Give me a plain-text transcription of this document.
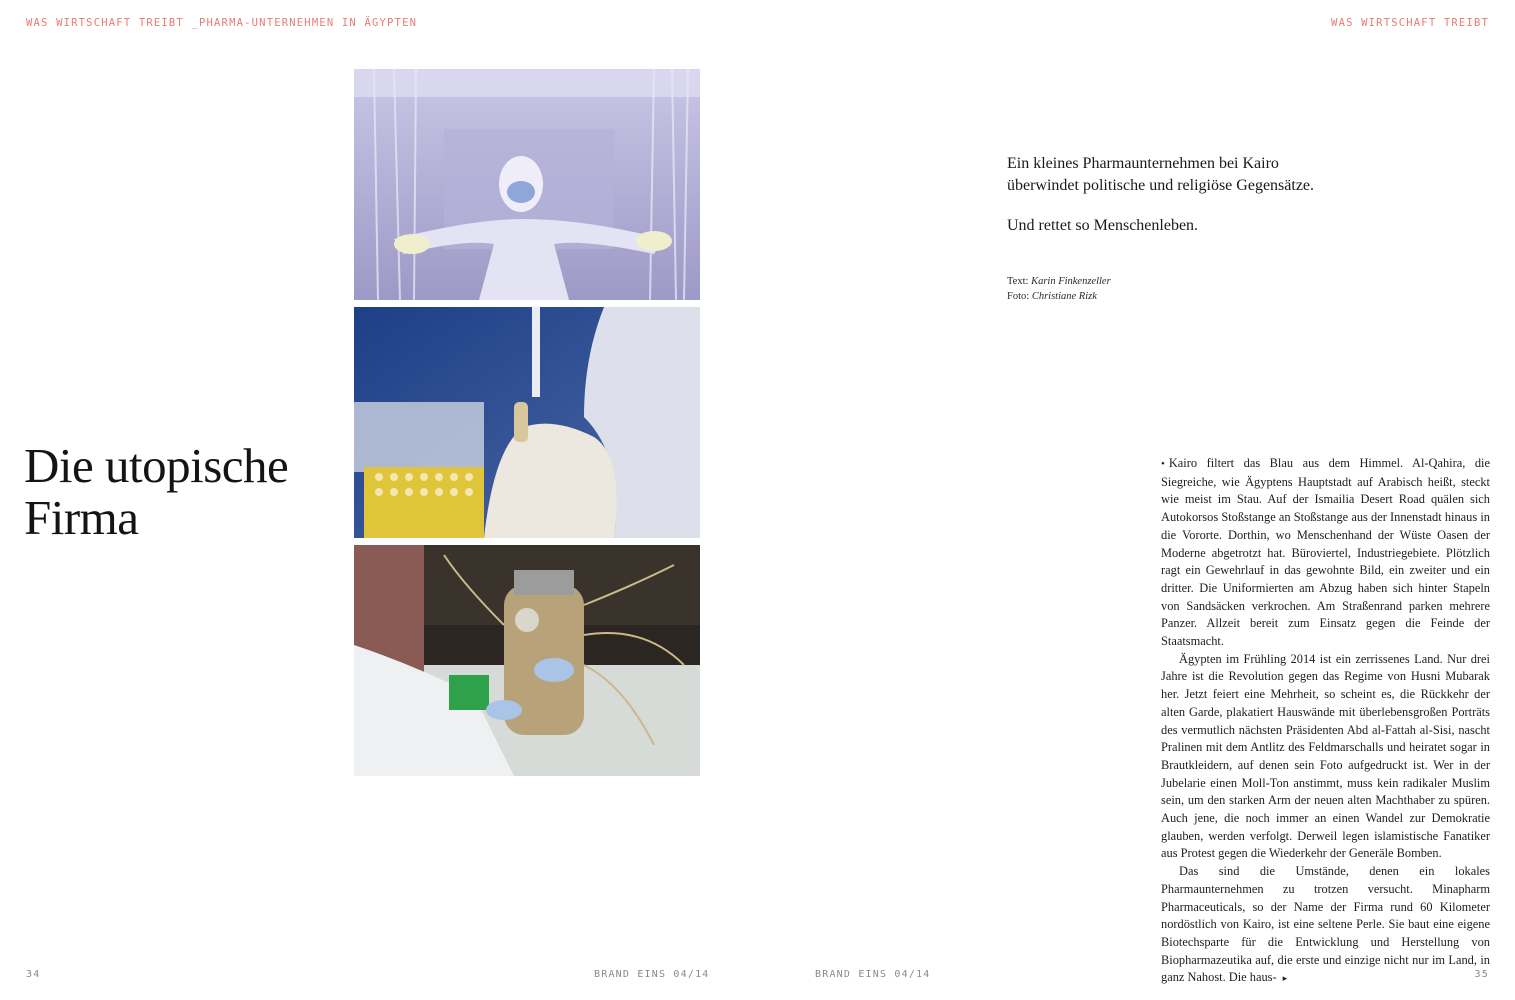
WAS WIRTSCHAFT TREIBT _PHARMA-UNTERNEHMEN IN ÄGYPTEN	WAS WIRTSCHAFT TREIBT
Die utopische
Firma

Ein kleines Pharmaunternehmen bei Kairo

überwindet politische und religiöse Gegensätze.

Und rettet so Menschenleben.

Text: Karin Finkenzeller
Foto: Christiane Rizk

• Kairo filtert das Blau aus dem Himmel. Al-Qahira, die Siegreiche, wie Ägyptens Hauptstadt auf Arabisch heißt, steckt wie meist im Stau. Auf der Ismailia Desert Road quälen sich Autokorsos Stoßstange an Stoßstange aus der Innenstadt hinaus in die Vororte. Dorthin, wo Menschenhand der Wüste Oasen der Moderne abgetrotzt hat. Büroviertel, Industriegebiete. Plötzlich ragt ein Gewehrlauf in das gewohnte Bild, ein zweiter und ein dritter. Die Uniformierten am Abzug haben sich hinter Stapeln von Sandsäcken verkrochen. Am Straßenrand parken mehrere Panzer. Allzeit bereit zum Einsatz gegen die Feinde der Staatsmacht.

Ägypten im Frühling 2014 ist ein zerrissenes Land. Nur drei Jahre ist die Revolution gegen das Regime von Husni Mubarak her. Jetzt feiert eine Mehrheit, so scheint es, die Rückkehr der alten Garde, plakatiert Hauswände mit überlebensgroßen Porträts des vermutlich nächsten Präsidenten Abd al-Fattah al-Sisi, nascht Pralinen mit dem Antlitz des Feldmarschalls und heiratet sogar in Brautkleidern, auf denen sein Foto aufgedruckt ist. Wer in der Jubelarie einen Moll-Ton anstimmt, muss kein radikaler Muslim sein, um den starken Arm der neuen alten Machthaber zu spüren. Auch jene, die noch immer an einen Wandel zur Demokratie glauben, werden verfolgt. Derweil legen islamistische Fanatiker aus Protest gegen die Wiederkehr der Generäle Bomben.

Das sind die Umstände, denen ein lokales Pharmaunternehmen zu trotzen versucht. Minapharm Pharmaceuticals, so der Name der Firma rund 60 Kilometer nordöstlich von Kairo, ist eine seltene Perle. Sie baut eine eigene Biotechsparte für die Entwicklung und Herstellung von Biopharmazeutika auf, die erste und einzige nicht nur im Land, in ganz Nahost. Die haus- ▸

34	BRAND EINS 04/14	BRAND EINS 04/14	35
